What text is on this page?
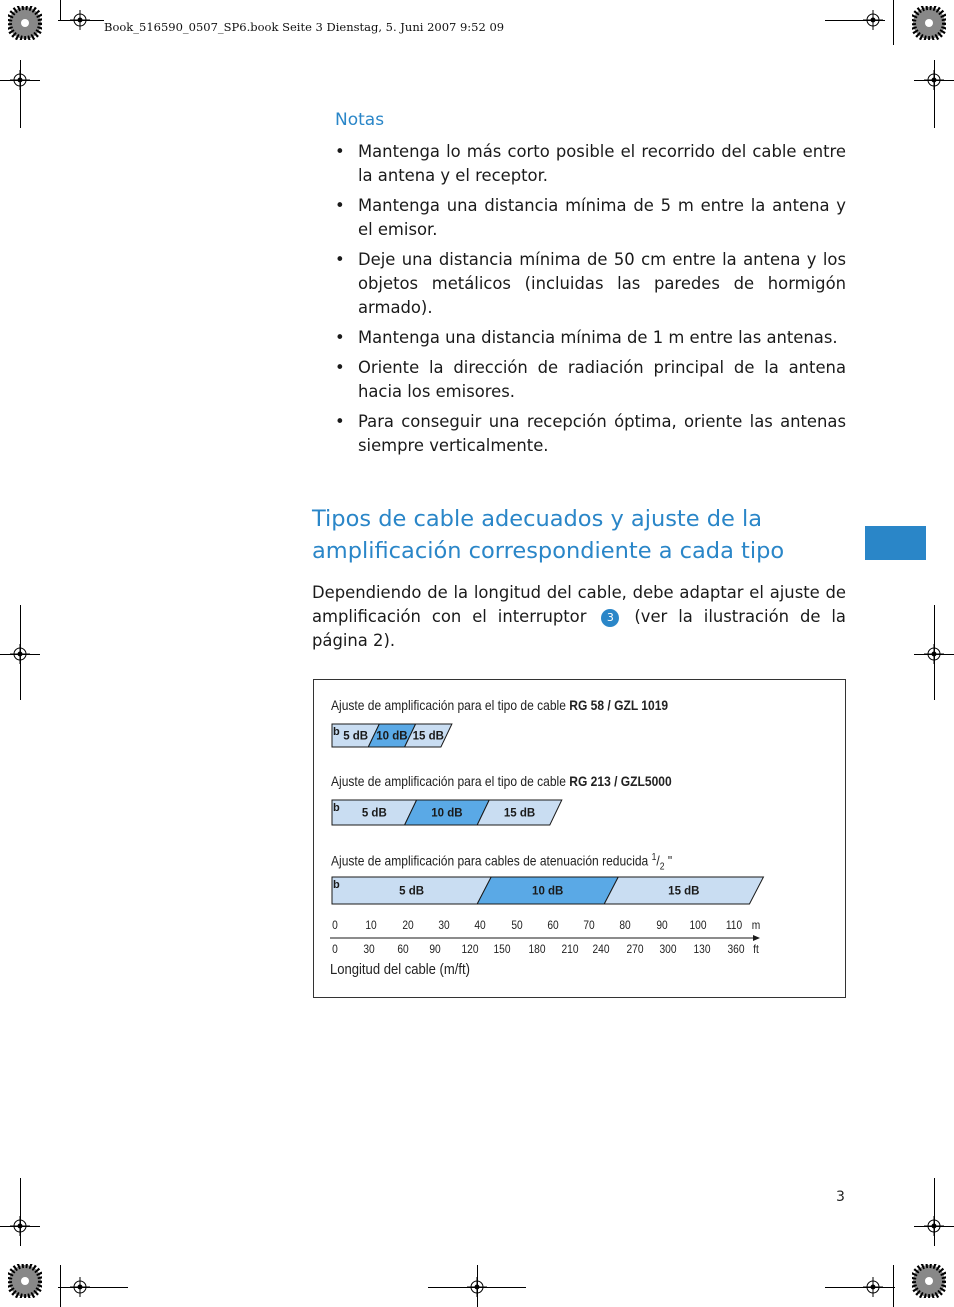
Book_516590_0507_SP6.book Seite 3 Dienstag, 5. Juni 2007 9:52 09
Notas
• Mantenga lo más corto posible el recorrido del cable entre la antena y el receptor.
• Mantenga una distancia mínima de 5 m entre la antena y el emisor.
• Deje una distancia mínima de 50 cm entre la antena y los objetos metálicos (incluidas las paredes de hormigón armado).
• Mantenga una distancia mínima de 1 m entre las antenas.
• Oriente la dirección de radiación principal de la antena hacia los emisores.
• Para conseguir una recepción óptima, oriente las antenas siempre verticalmente.
Tipos de cable adecuados y ajuste de la amplificación correspondiente a cada tipo
Dependiendo de la longitud del cable, debe adaptar el ajuste de amplificación con el interruptor 3 (ver la ilustración de la página 2).
Ajuste de amplificación para el tipo de cable RG 58 / GZL 1019
Ajuste de amplificación para el tipo de cable RG 213 / GZL5000
Ajuste de amplificación para cables de atenuación reducida $^1/_2$ "
5 dB 10 dB 15 dB
b
5 dB	10 dB	15 dB
b
5 dB	10 dB	15 dB
b
0 10 20 30 40 50 60 70 80 90 100 110 m
0 30 60 90 120 150 180 210 240 270 300 130 360 ft
Longitud del cable (m/ft)
3
